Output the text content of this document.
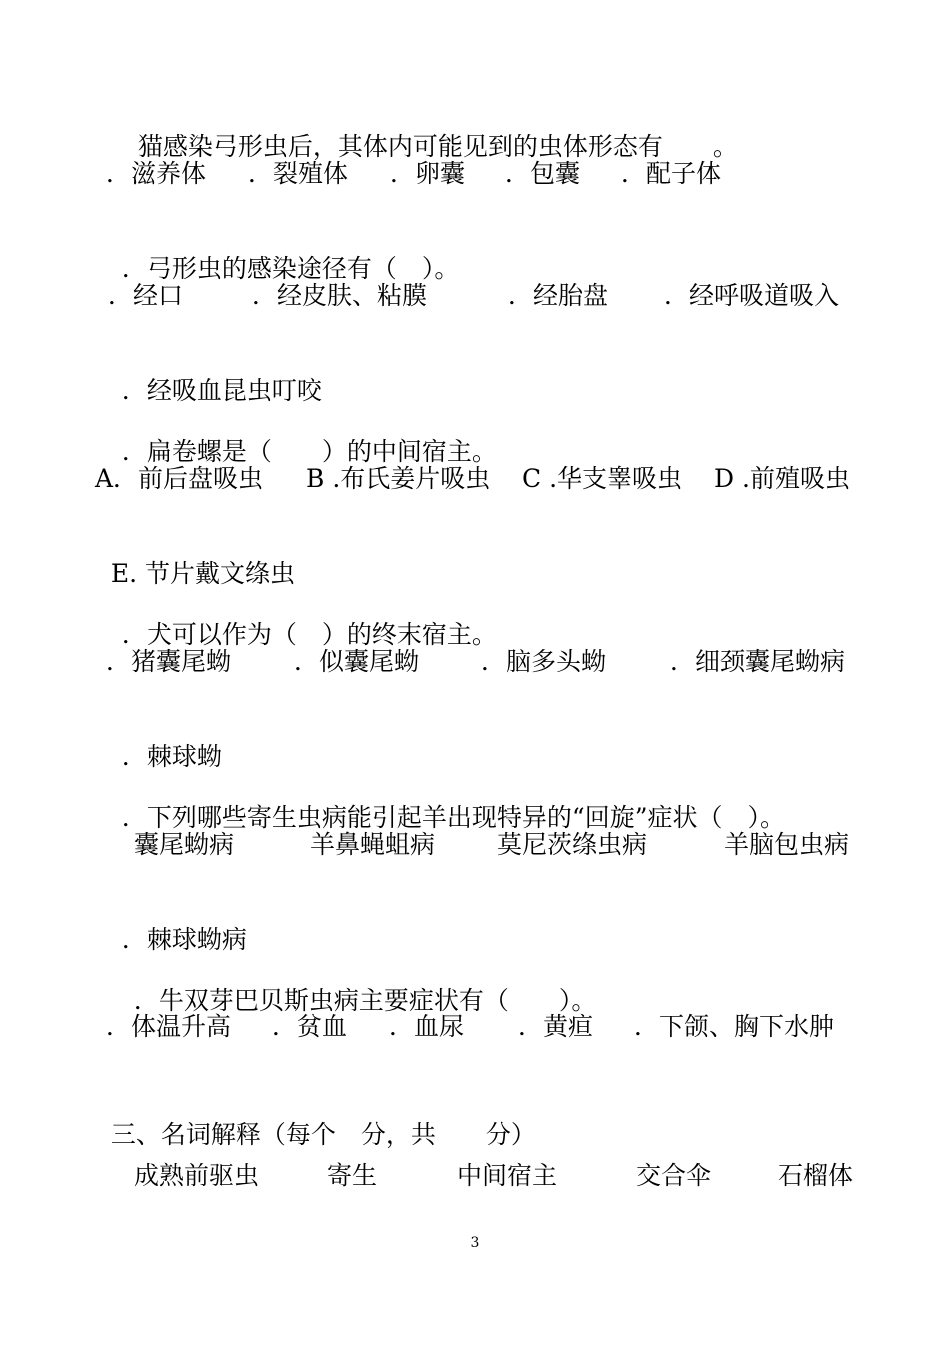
猫感染弓形虫后，其体内可能见到的虫体形态有　　。

．滋养体

．裂殖体

．卵囊

．包囊

．配子体

．弓形虫的感染途径有（　）。

．经口

	．经皮肤、粘膜

	．经胎盘

．经呼吸道吸入

．经吸血昆虫叮咬

．扁卷螺是（　　）的中间宿主。

A．前后盘吸虫

B .布氏姜片吸虫

C .华支睾吸虫

D .前殖吸虫

E. 节片戴文绦虫

．犬可以作为（　）的终末宿主。

．猪囊尾蚴

	．似囊尾蚴

．脑多头蚴

	．细颈囊尾蚴病

．棘球蚴

．下列哪些寄生虫病能引起羊出现特异的“回旋”症状（　）。

囊尾蚴病

	羊鼻蝇蛆病

莫尼茨绦虫病

	羊脑包虫病

．棘球蚴病

．牛双芽巴贝斯虫病主要症状有（　　）。

．体温升高

．贫血

．血尿

．黄疸

．下颌、胸下水肿

三、名词解释（每个　分，共　　分）

成熟前驱虫

	寄生

	中间宿主

	交合伞

	石榴体

3
